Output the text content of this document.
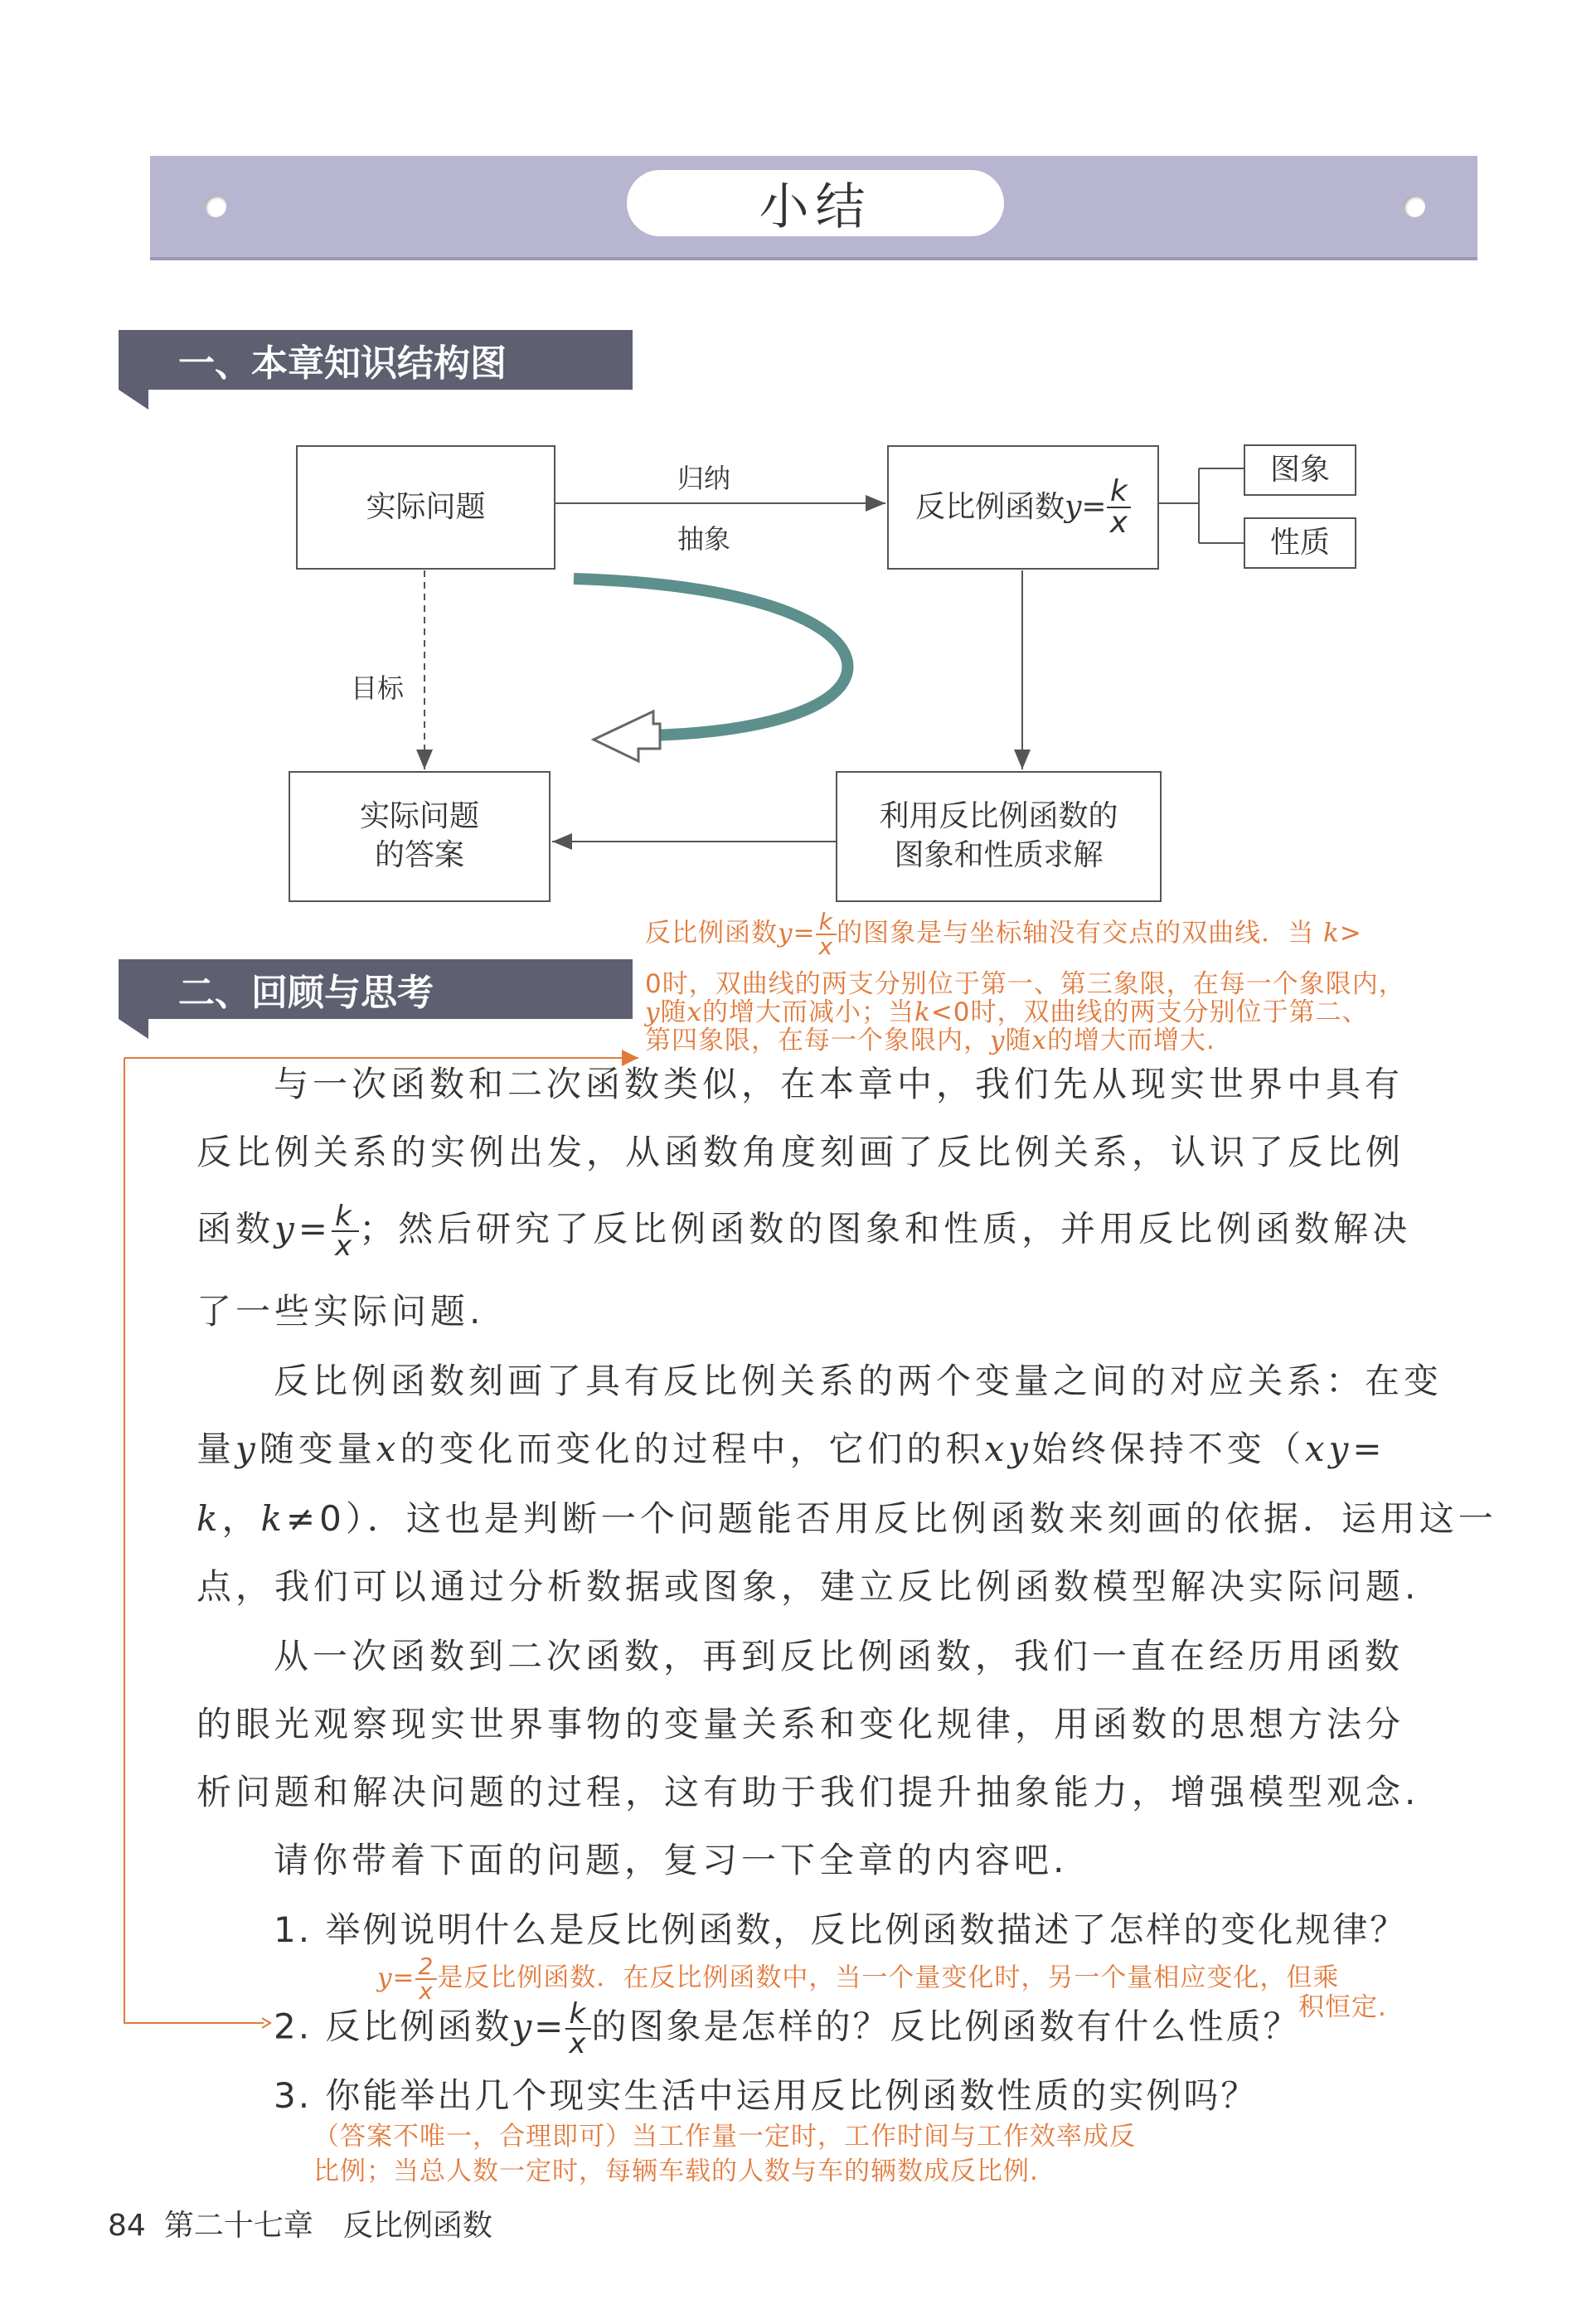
小结
一、本章知识结构图
实际问题	反比例函数 $y= \frac{k}{x}$
图象
性质
实际问题
的答案
利用反比例函数的
图象和性质求解
归纳
抽象
目标
反比例函数$y= \frac{k}{x}$ 的图象是与坐标轴没有交点的双曲线．当 k>
0时，双曲线的两支分别位于第一、第三象限，在每一个象限内，
y随x的增大而减小；当k<0时，双曲线的两支分别位于第二、
第四象限，在每一个象限内，y随x的增大而增大.
二、回顾与思考
与一次函数和二次函数类似，在本章中，我们先从现实世界中具有
反比例关系的实例出发，从函数角度刻画了反比例关系，认识了反比例
函数$y= \frac{k}{x}$ ；然后研究了反比例函数的图象和性质，并用反比例函数解决
了一些实际问题.
反比例函数刻画了具有反比例关系的两个变量之间的对应关系：在变
量y随变量x的变化而变化的过程中，它们的积xy始终保持不变（xy=
k，k≠0）．这也是判断一个问题能否用反比例函数来刻画的依据．运用这一
点，我们可以通过分析数据或图象，建立反比例函数模型解决实际问题.
从一次函数到二次函数，再到反比例函数，我们一直在经历用函数
的眼光观察现实世界事物的变量关系和变化规律，用函数的思想方法分
析问题和解决问题的过程，这有助于我们提升抽象能力，增强模型观念.
请你带着下面的问题，复习一下全章的内容吧.
1. 举例说明什么是反比例函数，反比例函数描述了怎样的变化规律？
$y= \frac{2}{x}$ 是反比例函数．在反比例函数中，当一个量变化时，另一个量相应变化，但乘
2. 反比例函数$y= \frac{k}{x}$ 的图象是怎样的？反比例函数有什么性质？
积恒定.
3. 你能举出几个现实生活中运用反比例函数性质的实例吗？
（答案不唯一，合理即可）当工作量一定时，工作时间与工作效率成反
比例；当总人数一定时，每辆车载的人数与车的辆数成反比例.
84 第二十七章　反比例函数
